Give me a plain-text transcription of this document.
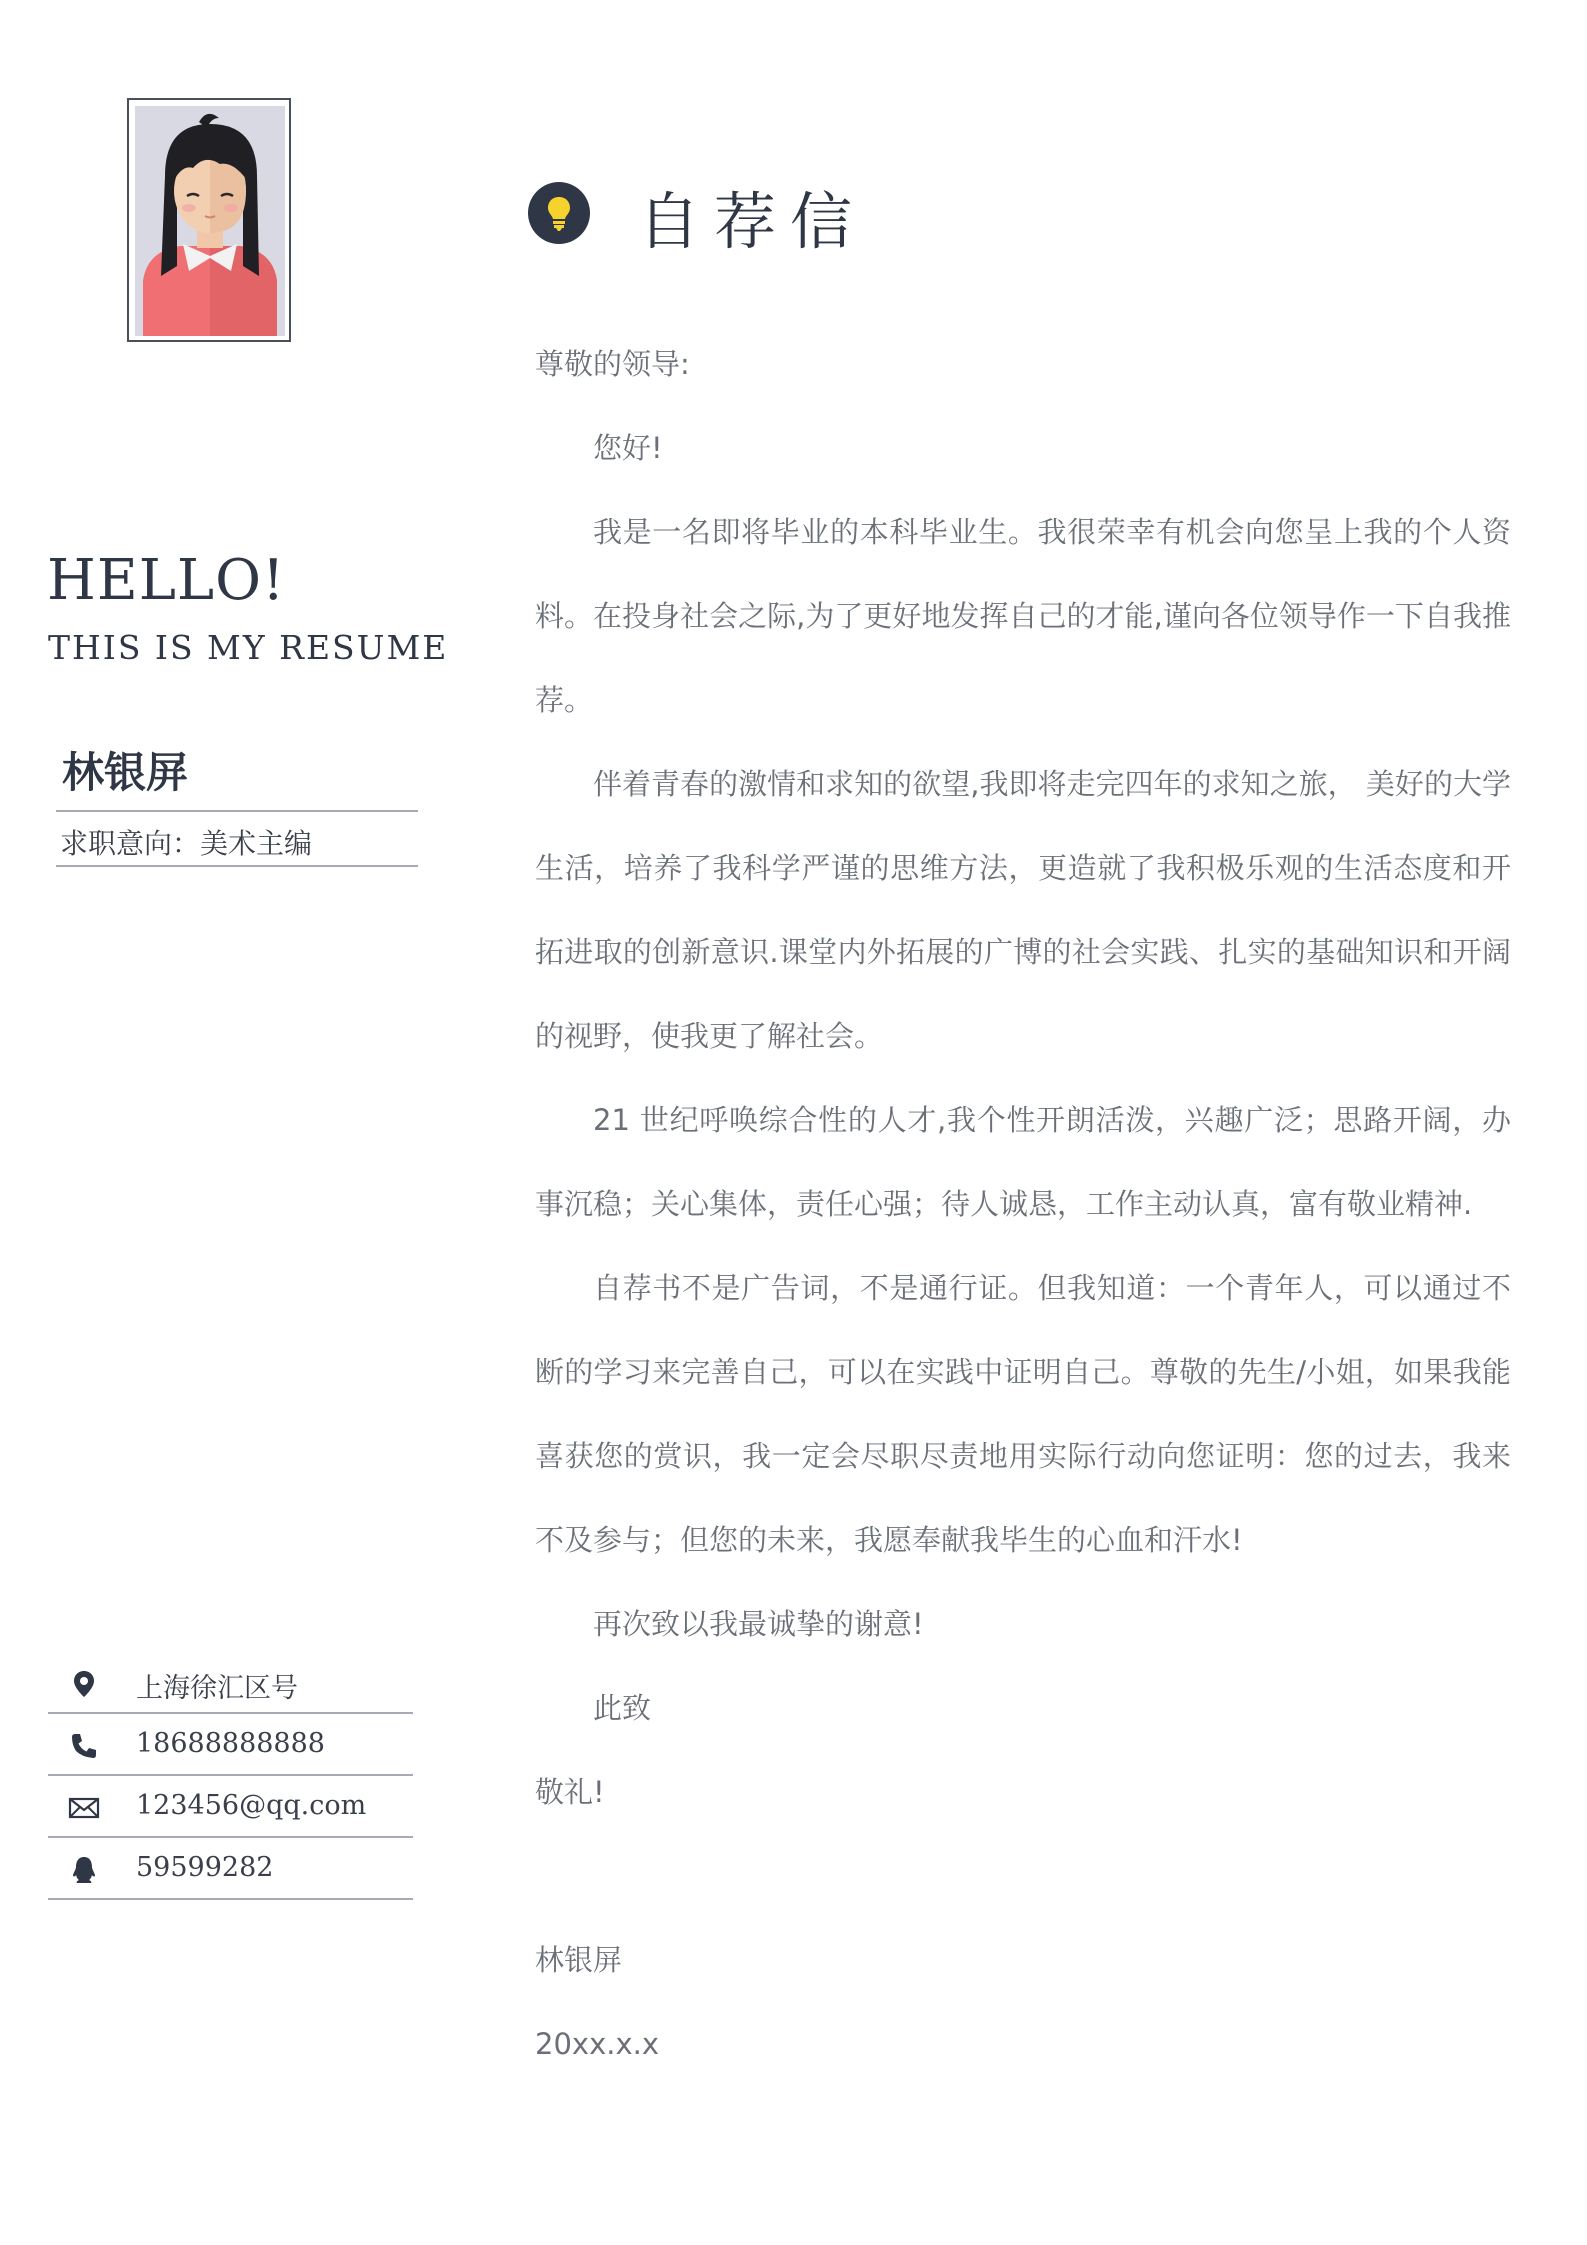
HELLO!
THIS IS MY RESUME
林银屏
求职意向：美术主编
上海徐汇区号
18688888888
123456@qq.com
59599282
自荐信

尊敬的领导:

您好!

我是一名即将毕业的本科毕业生。我很荣幸有机会向您呈上我的个人资料。在投身社会之际,为了更好地发挥自己的才能,谨向各位领导作一下自我推荐。

伴着青春的激情和求知的欲望,我即将走完四年的求知之旅， 美好的大学生活，培养了我科学严谨的思维方法，更造就了我积极乐观的生活态度和开拓进取的创新意识.课堂内外拓展的广博的社会实践、扎实的基础知识和开阔的视野，使我更了解社会。

21 世纪呼唤综合性的人才,我个性开朗活泼，兴趣广泛；思路开阔，办事沉稳；关心集体，责任心强；待人诚恳，工作主动认真，富有敬业精神.

自荐书不是广告词，不是通行证。但我知道：一个青年人，可以通过不断的学习来完善自己，可以在实践中证明自己。尊敬的先生/小姐，如果我能喜获您的赏识，我一定会尽职尽责地用实际行动向您证明：您的过去，我来不及参与；但您的未来，我愿奉献我毕生的心血和汗水!

再次致以我最诚挚的谢意!

此致

敬礼!

林银屏

20xx.x.x
